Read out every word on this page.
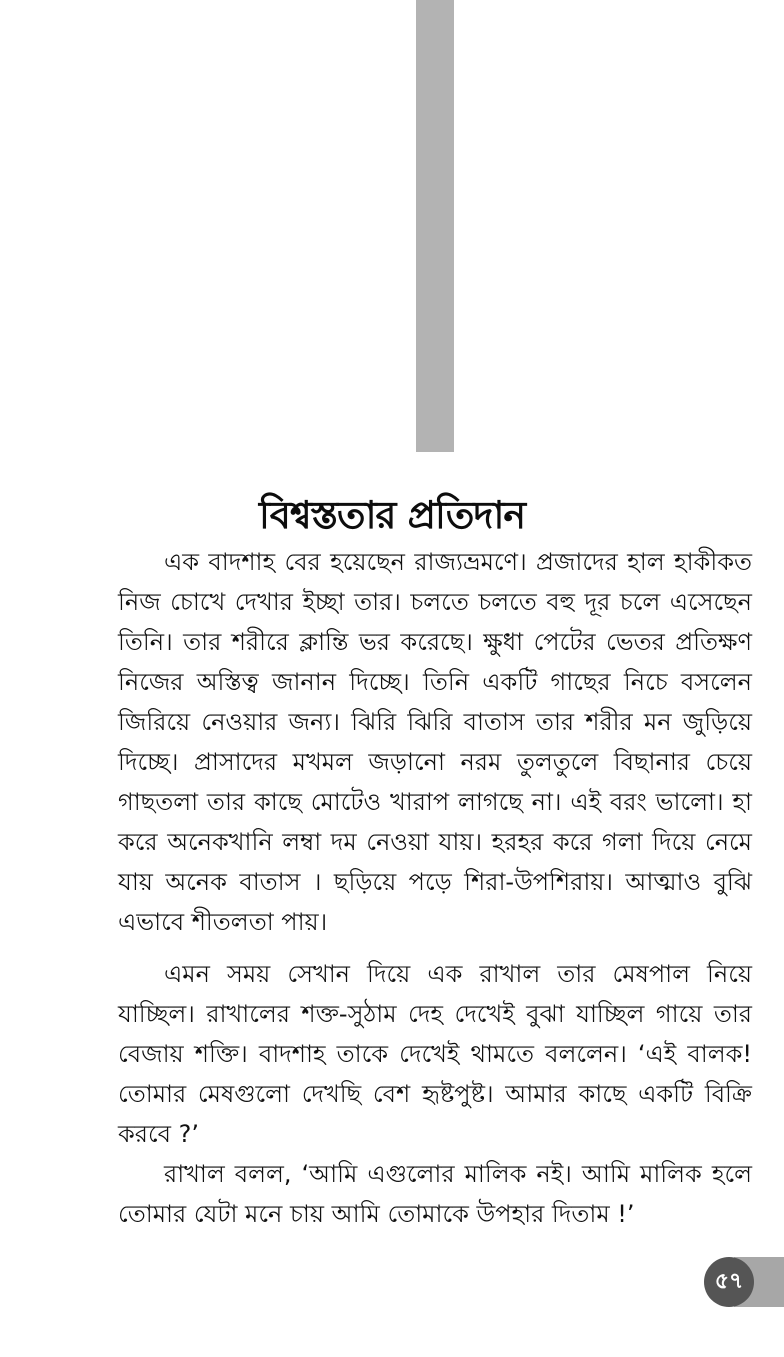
বিশ্বস্ততার প্রতিদান

এক বাদশাহ বের হয়েছেন রাজ্যভ্রমণে। প্রজাদের হাল হাকীকত নিজ চোখে দেখার ইচ্ছা তার। চলতে চলতে বহু দূর চলে এসেছেন তিনি। তার শরীরে ক্লান্তি ভর করেছে। ক্ষুধা পেটের ভেতর প্রতিক্ষণ নিজের অস্তিত্ব জানান দিচ্ছে। তিনি একটি গাছের নিচে বসলেন জিরিয়ে নেওয়ার জন্য। ঝিরি ঝিরি বাতাস তার শরীর মন জুড়িয়ে দিচ্ছে। প্রাসাদের মখমল জড়ানো নরম তুলতুলে বিছানার চেয়ে গাছতলা তার কাছে মোটেও খারাপ লাগছে না। এই বরং ভালো। হা করে অনেকখানি লম্বা দম নেওয়া যায়। হরহর করে গলা দিয়ে নেমে যায় অনেক বাতাস । ছড়িয়ে পড়ে শিরা-উপশিরায়। আত্মাও বুঝি এভাবে শীতলতা পায়।

এমন সময় সেখান দিয়ে এক রাখাল তার মেষপাল নিয়ে যাচ্ছিল। রাখালের শক্ত-সুঠাম দেহ দেখেই বুঝা যাচ্ছিল গায়ে তার বেজায় শক্তি। বাদশাহ তাকে দেখেই থামতে বললেন। ‘এই বালক! তোমার মেষগুলো দেখছি বেশ হৃষ্টপুষ্ট। আমার কাছে একটি বিক্রি করবে ?’

রাখাল বলল, ‘আমি এগুলোর মালিক নই। আমি মালিক হলে তোমার যেটা মনে চায় আমি তোমাকে উপহার দিতাম !’

৫৭
